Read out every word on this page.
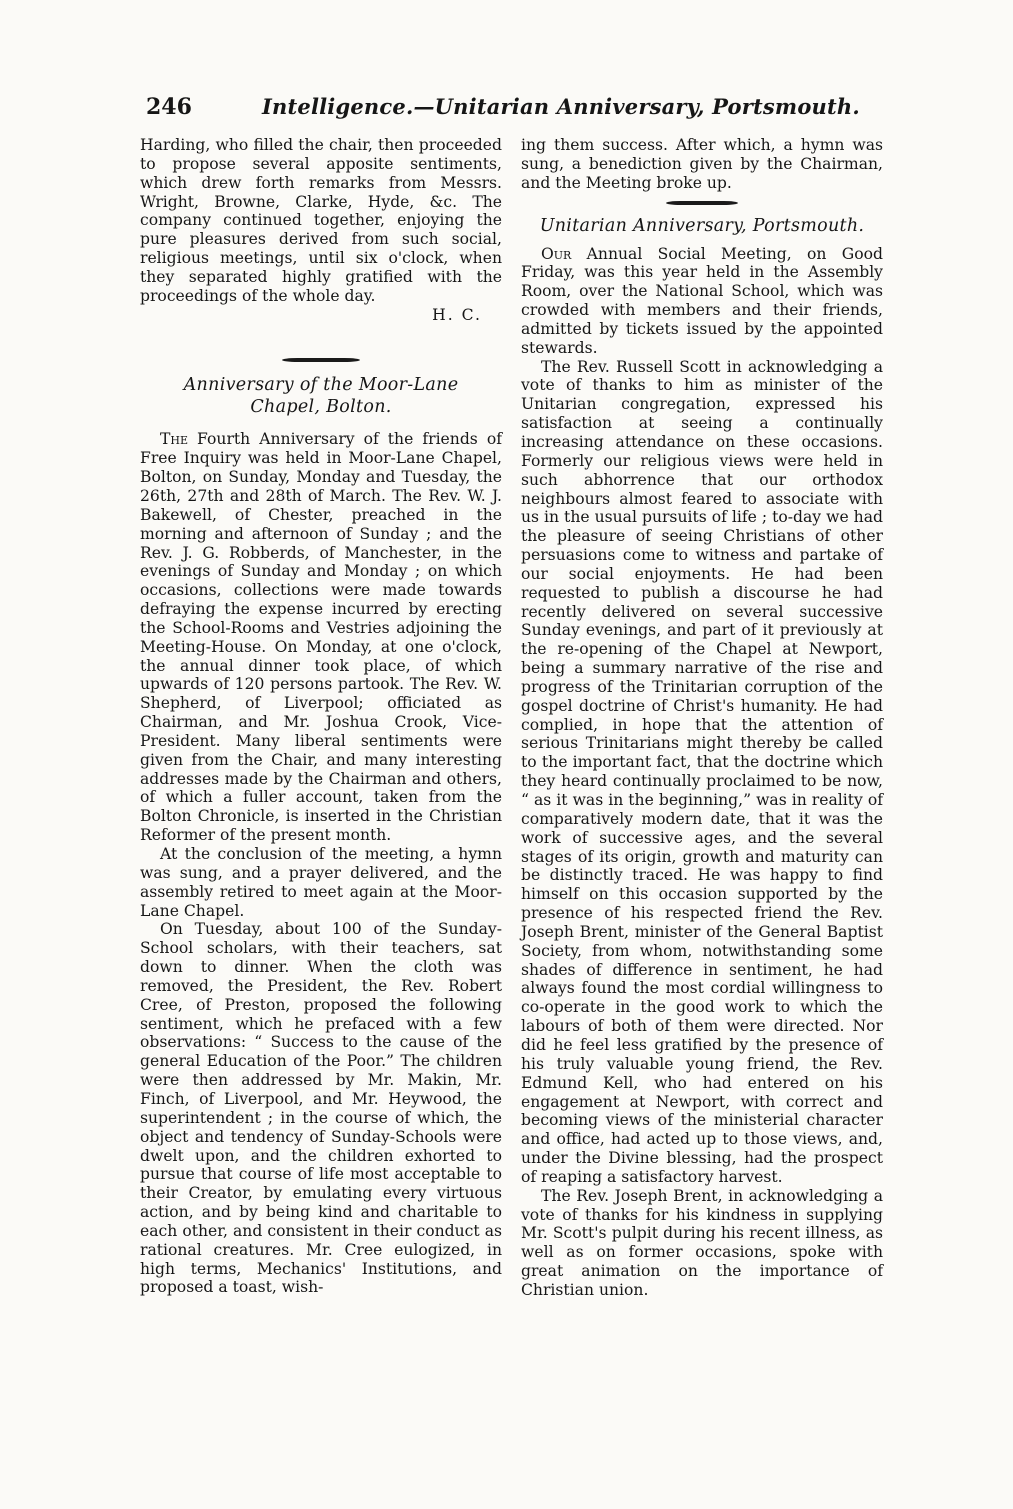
246	Intelligence.—Unitarian Anniversary, Portsmouth.

Harding, who filled the chair, then proceeded to propose several apposite sentiments, which drew forth remarks from Messrs. Wright, Browne, Clarke, Hyde, &c. The company continued together, enjoying the pure pleasures derived from such social, religious meetings, until six o'clock, when they separated highly gratified with the proceedings of the whole day.

H. C.

Anniversary of the Moor-Lane Chapel, Bolton.

The Fourth Anniversary of the friends of Free Inquiry was held in Moor-Lane Chapel, Bolton, on Sunday, Monday and Tuesday, the 26th, 27th and 28th of March. The Rev. W. J. Bakewell, of Chester, preached in the morning and afternoon of Sunday ; and the Rev. J. G. Robberds, of Manchester, in the evenings of Sunday and Monday ; on which occasions, collections were made towards defraying the expense incurred by erecting the School-Rooms and Vestries adjoining the Meeting-House. On Monday, at one o'clock, the annual dinner took place, of which upwards of 120 persons partook. The Rev. W. Shepherd, of Liverpool; officiated as Chairman, and Mr. Joshua Crook, Vice-President. Many liberal sentiments were given from the Chair, and many interesting addresses made by the Chairman and others, of which a fuller account, taken from the Bolton Chronicle, is inserted in the Christian Reformer of the present month.

At the conclusion of the meeting, a hymn was sung, and a prayer delivered, and the assembly retired to meet again at the Moor-Lane Chapel.

On Tuesday, about 100 of the Sunday-School scholars, with their teachers, sat down to dinner. When the cloth was removed, the President, the Rev. Robert Cree, of Preston, proposed the following sentiment, which he prefaced with a few observations: “ Success to the cause of the general Education of the Poor.” The children were then addressed by Mr. Makin, Mr. Finch, of Liverpool, and Mr. Heywood, the superintendent ; in the course of which, the object and tendency of Sunday-Schools were dwelt upon, and the children exhorted to pursue that course of life most acceptable to their Creator, by emulating every virtuous action, and by being kind and charitable to each other, and consistent in their conduct as rational creatures. Mr. Cree eulogized, in high terms, Mechanics' Institutions, and proposed a toast, wish-

ing them success. After which, a hymn was sung, a benediction given by the Chairman, and the Meeting broke up.

Unitarian Anniversary, Portsmouth.

Our Annual Social Meeting, on Good Friday, was this year held in the Assembly Room, over the National School, which was crowded with members and their friends, admitted by tickets issued by the appointed stewards.

The Rev. Russell Scott in acknowledging a vote of thanks to him as minister of the Unitarian congregation, expressed his satisfaction at seeing a continually increasing attendance on these occasions. Formerly our religious views were held in such abhorrence that our orthodox neighbours almost feared to associate with us in the usual pursuits of life ; to-day we had the pleasure of seeing Christians of other persuasions come to witness and partake of our social enjoyments. He had been requested to publish a discourse he had recently delivered on several successive Sunday evenings, and part of it previously at the re-opening of the Chapel at Newport, being a summary narrative of the rise and progress of the Trinitarian corruption of the gospel doctrine of Christ's humanity. He had complied, in hope that the attention of serious Trinitarians might thereby be called to the important fact, that the doctrine which they heard continually proclaimed to be now, “ as it was in the beginning,” was in reality of comparatively modern date, that it was the work of successive ages, and the several stages of its origin, growth and maturity can be distinctly traced. He was happy to find himself on this occasion supported by the presence of his respected friend the Rev. Joseph Brent, minister of the General Baptist Society, from whom, notwithstanding some shades of difference in sentiment, he had always found the most cordial willingness to co-operate in the good work to which the labours of both of them were directed. Nor did he feel less gratified by the presence of his truly valuable young friend, the Rev. Edmund Kell, who had entered on his engagement at Newport, with correct and becoming views of the ministerial character and office, had acted up to those views, and, under the Divine blessing, had the prospect of reaping a satisfactory harvest.

The Rev. Joseph Brent, in acknowledging a vote of thanks for his kindness in supplying Mr. Scott's pulpit during his recent illness, as well as on former occasions, spoke with great animation on the importance of Christian union.
